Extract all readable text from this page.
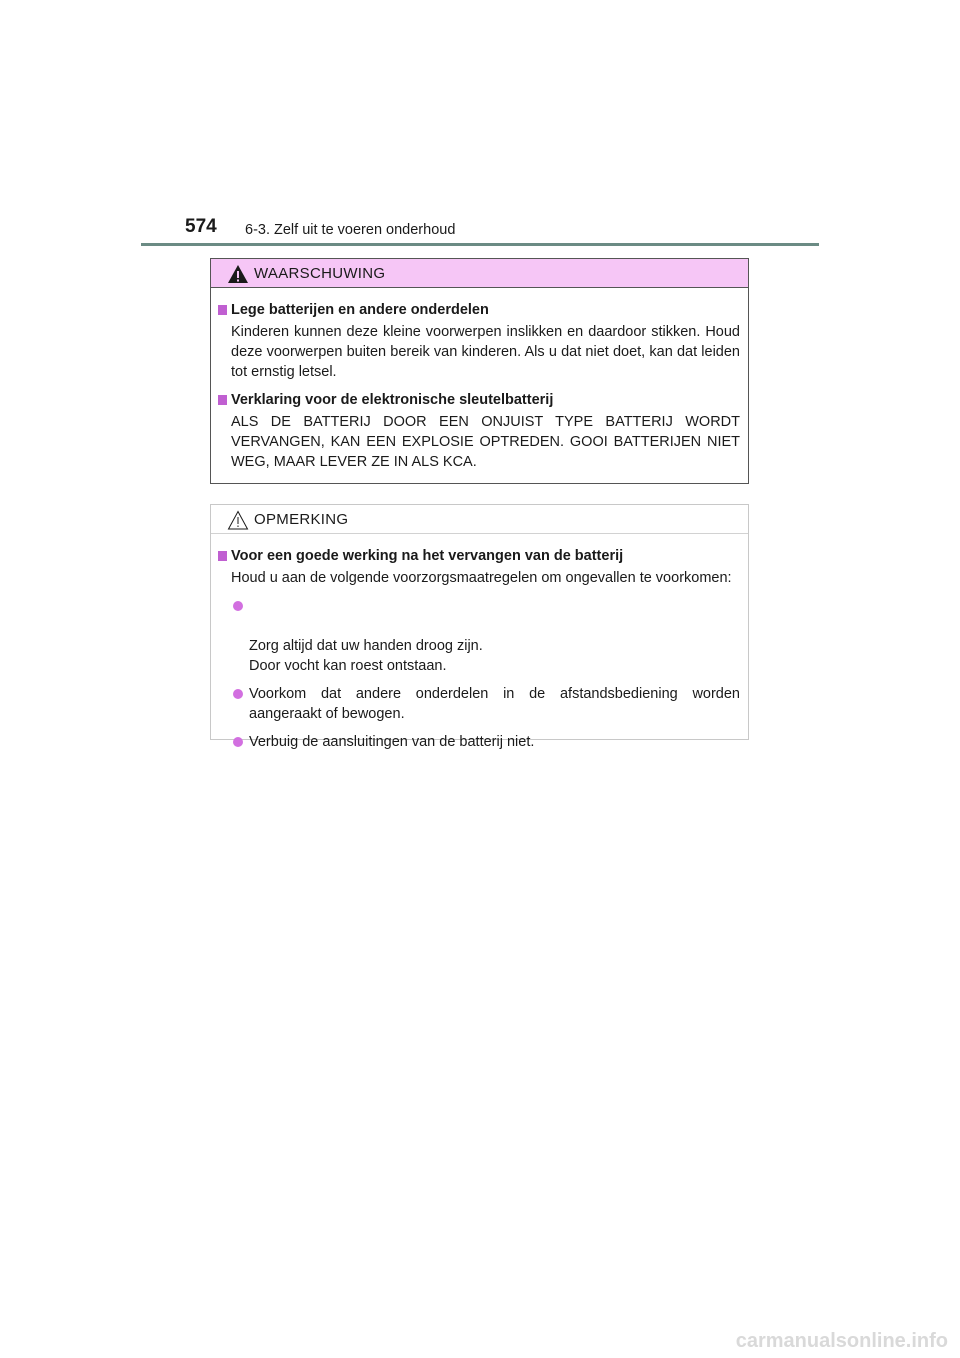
574 6-3. Zelf uit te voeren onderhoud
WAARSCHUWING
Lege batterijen en andere onderdelen
Kinderen kunnen deze kleine voorwerpen inslikken en daardoor stikken. Houd deze voorwerpen buiten bereik van kinderen. Als u dat niet doet, kan dat leiden tot ernstig letsel.
Verklaring voor de elektronische sleutelbatterij
ALS DE BATTERIJ DOOR EEN ONJUIST TYPE BATTERIJ WORDT VERVANGEN, KAN EEN EXPLOSIE OPTREDEN. GOOI BATTERIJEN NIET WEG, MAAR LEVER ZE IN ALS KCA.
OPMERKING
Voor een goede werking na het vervangen van de batterij
Houd u aan de volgende voorzorgsmaatregelen om ongevallen te voorkomen:

Zorg altijd dat uw handen droog zijn.
Door vocht kan roest ontstaan.

Voorkom dat andere onderdelen in de afstandsbediening worden aangeraakt of bewogen.
Verbuig de aansluitingen van de batterij niet.
carmanualsonline.info
